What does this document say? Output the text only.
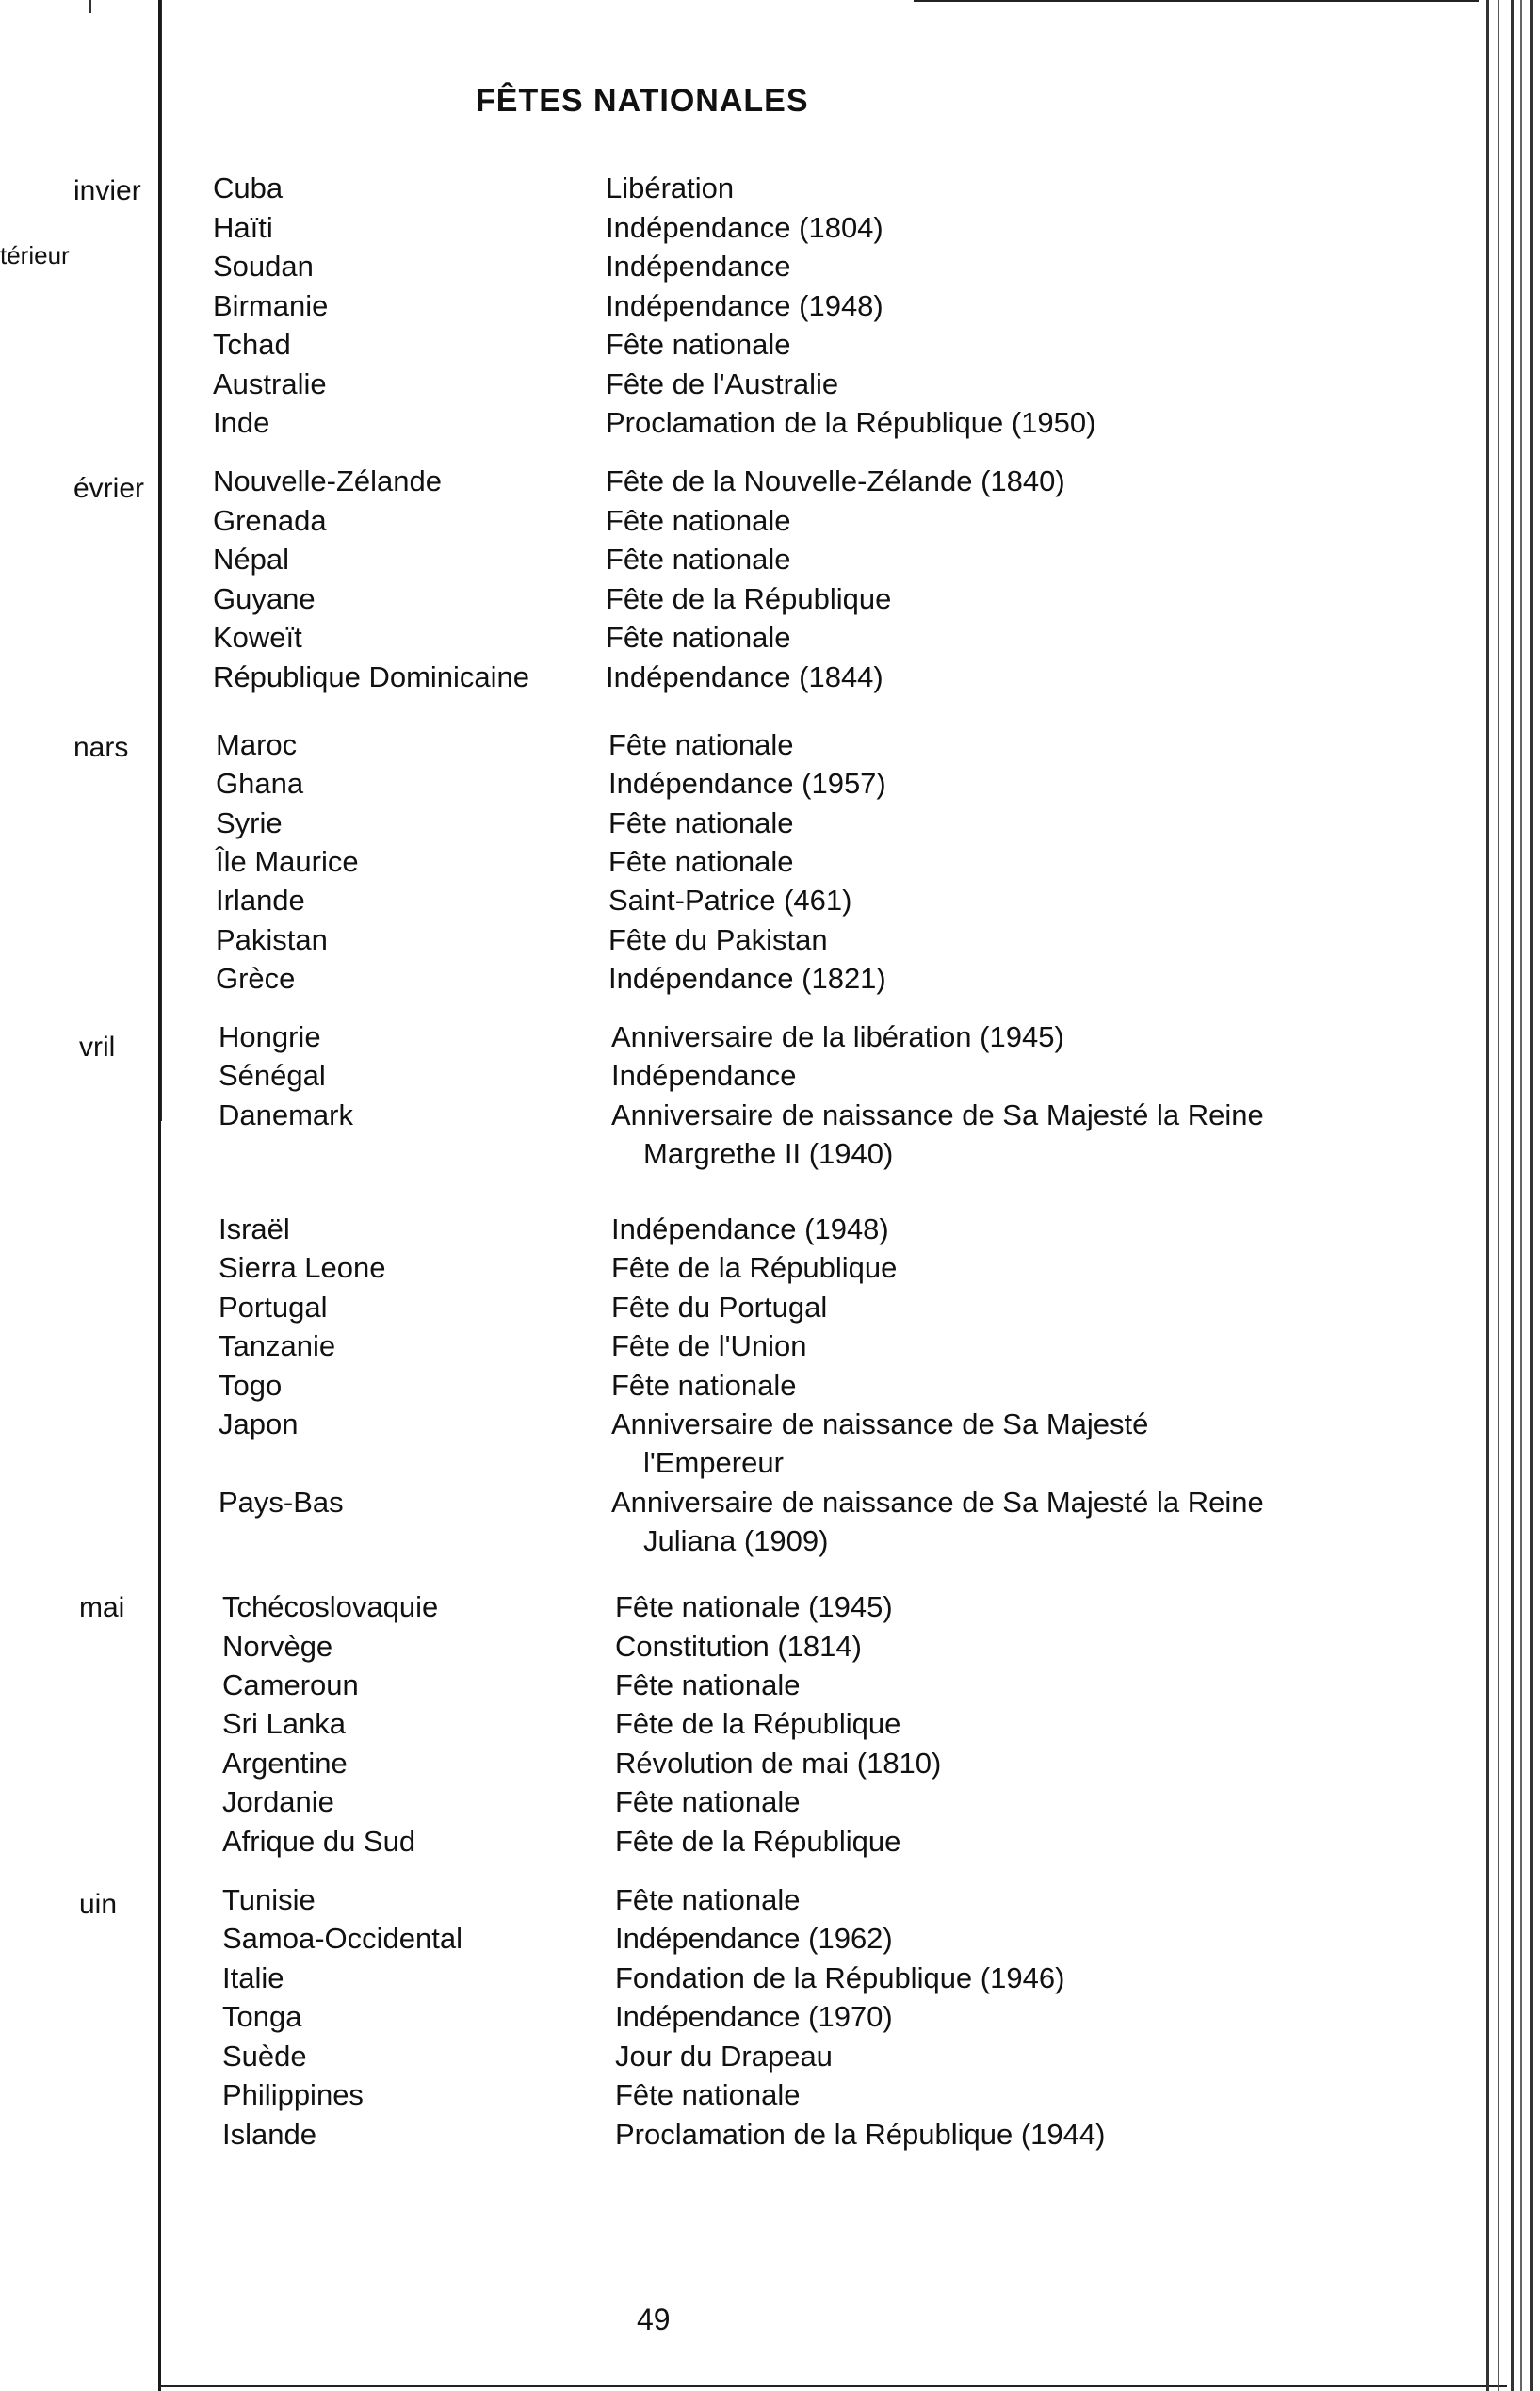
FÊTES NATIONALES
invier
térieur
évrier
nars
vril
mai
uin
Cuba
Haïti
Soudan
Birmanie
Tchad
Australie
Inde
Nouvelle-Zélande
Grenada
Népal
Guyane
Koweït
République Dominicaine
Maroc
Ghana
Syrie
Île Maurice
Irlande
Pakistan
Grèce
Hongrie
Sénégal
Danemark
Israël
Sierra Leone
Portugal
Tanzanie
Togo
Japon
Pays-Bas
Tchécoslovaquie
Norvège
Cameroun
Sri Lanka
Argentine
Jordanie
Afrique du Sud
Tunisie
Samoa-Occidental
Italie
Tonga
Suède
Philippines
Islande
Libération
Indépendance (1804)
Indépendance
Indépendance (1948)
Fête nationale
Fête de l'Australie
Proclamation de la République (1950)
Fête de la Nouvelle-Zélande (1840)
Fête nationale
Fête nationale
Fête de la République
Fête nationale
Indépendance (1844)
Fête nationale
Indépendance (1957)
Fête nationale
Fête nationale
Saint-Patrice (461)
Fête du Pakistan
Indépendance (1821)
Anniversaire de la libération (1945)
Indépendance
Anniversaire de naissance de Sa Majesté la Reine
Margrethe II (1940)
Indépendance (1948)
Fête de la République
Fête du Portugal
Fête de l'Union
Fête nationale
Anniversaire de naissance de Sa Majesté
l'Empereur
Anniversaire de naissance de Sa Majesté la Reine
Juliana (1909)
Fête nationale (1945)
Constitution (1814)
Fête nationale
Fête de la République
Révolution de mai (1810)
Fête nationale
Fête de la République
Fête nationale
Indépendance (1962)
Fondation de la République (1946)
Indépendance (1970)
Jour du Drapeau
Fête nationale
Proclamation de la République (1944)
49
